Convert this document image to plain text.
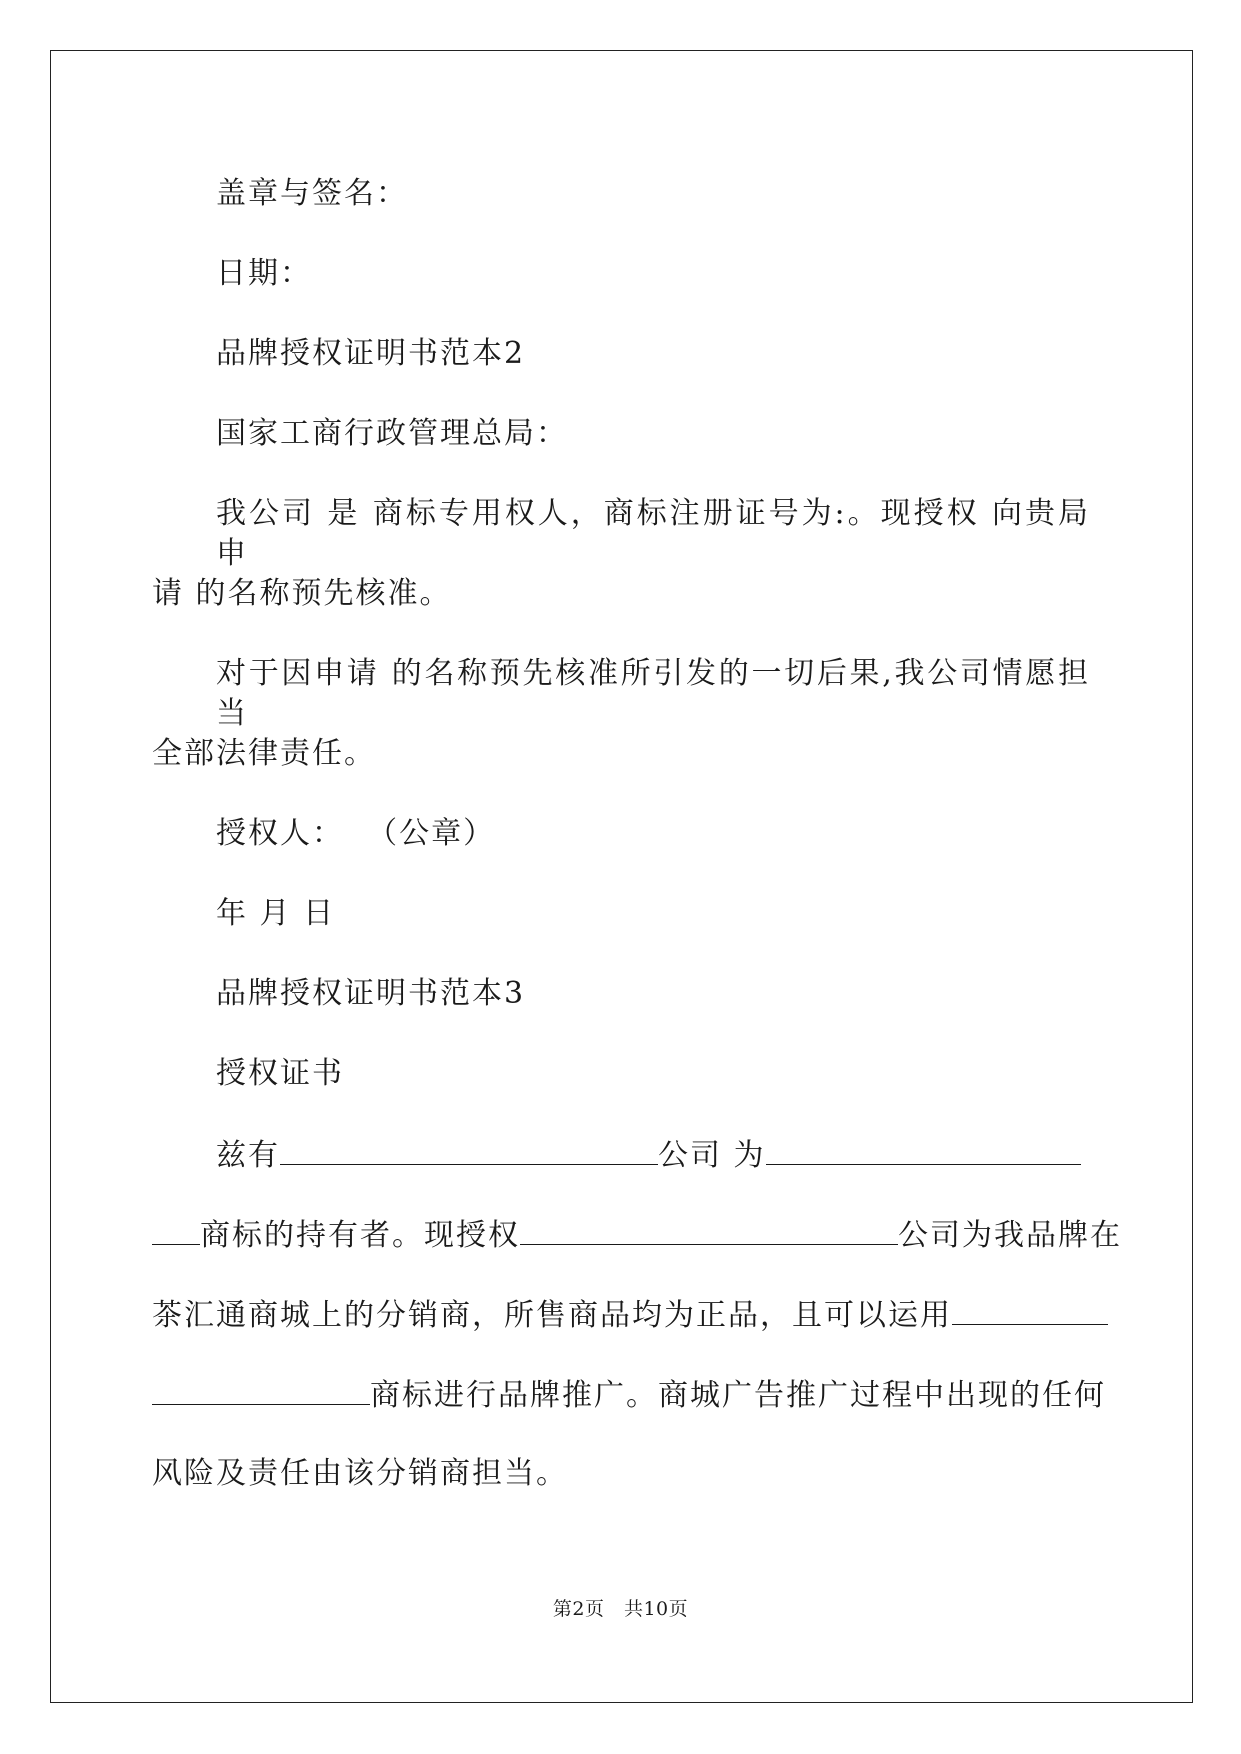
盖章与签名：
日期：
品牌授权证明书范本2
国家工商行政管理总局：
我公司 是 商标专用权人，商标注册证号为:。现授权 向贵局申
请 的名称预先核准。
对于因申请 的名称预先核准所引发的一切后果,我公司情愿担当
全部法律责任。
授权人：  （公章）
年 月 日
品牌授权证明书范本3
授权证书
兹有	公司 为
商标的持有者。现授权	公司为我品牌在
茶汇通商城上的分销商，所售商品均为正品，且可以运用
商标进行品牌推广。商城广告推广过程中出现的任何
风险及责任由该分销商担当。
第2页　共10页
